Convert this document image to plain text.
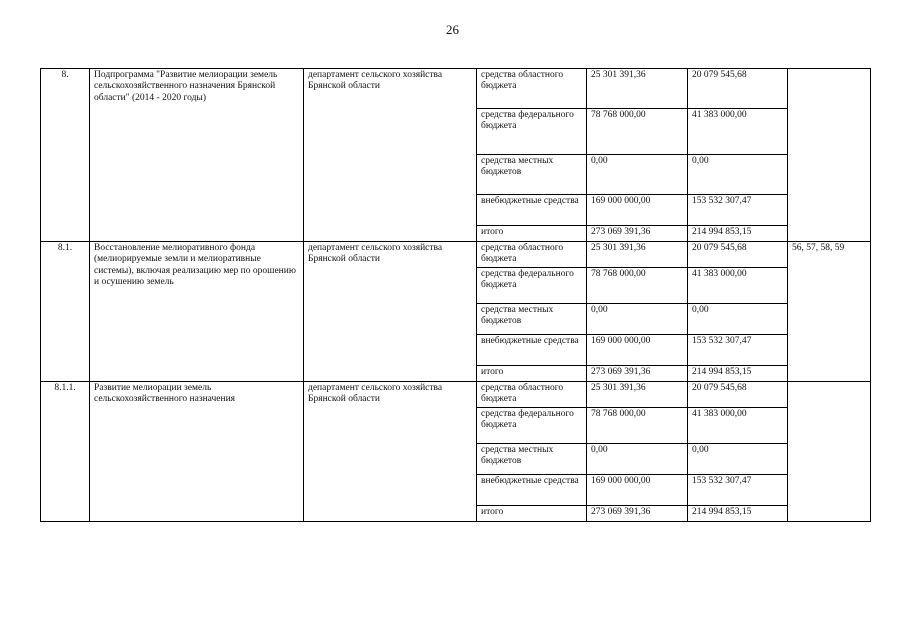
26
8.	Подпрограмма "Развитие мелиорации земель сельскохозяйственного назначения Брянской области" (2014 - 2020 годы)	департамент сельского хозяйства Брянской области	средства областного бюджета	25 301 391,36	20 079 545,68	
			средства федерального бюджета	78 768 000,00	41 383 000,00	
			средства местных бюджетов	0,00	0,00	
			внебюджетные средства	169 000 000,00	153 532 307,47	
			итого	273 069 391,36	214 994 853,15	
8.1.	Восстановление мелиоративного фонда (мелиорируемые земли и мелиоративные системы), включая реализацию мер по орошению и осушению земель	департамент сельского хозяйства Брянской области	средства областного бюджета	25 301 391,36	20 079 545,68	56, 57, 58, 59
			средства федерального бюджета	78 768 000,00	41 383 000,00	
			средства местных бюджетов	0,00	0,00	
			внебюджетные средства	169 000 000,00	153 532 307,47	
			итого	273 069 391,36	214 994 853,15	
8.1.1.	Развитие мелиорации земель сельскохозяйственного назначения	департамент сельского хозяйства Брянской области	средства областного бюджета	25 301 391,36	20 079 545,68	
			средства федерального бюджета	78 768 000,00	41 383 000,00	
			средства местных бюджетов	0,00	0,00	
			внебюджетные средства	169 000 000,00	153 532 307,47	
			итого	273 069 391,36	214 994 853,15	
